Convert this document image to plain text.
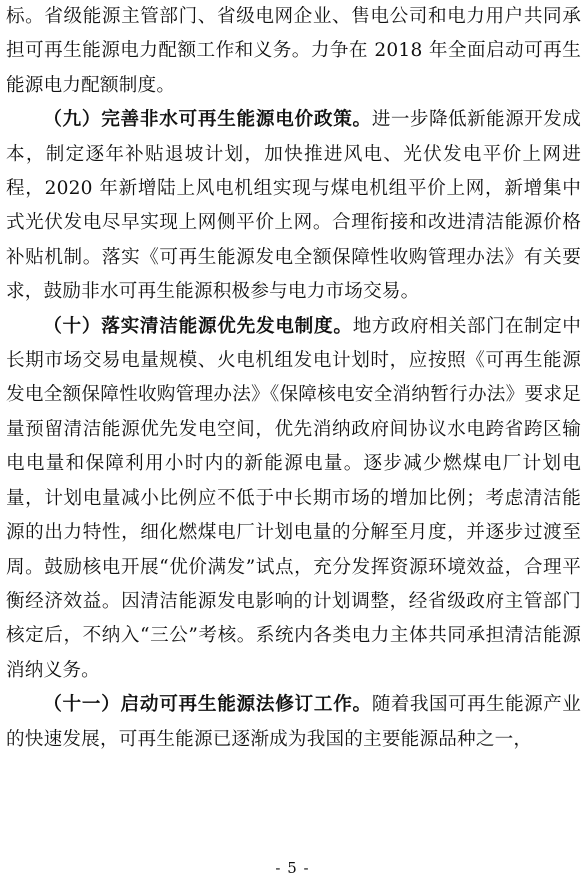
标。省级能源主管部门、省级电网企业、售电公司和电力用户共同承担可再生能源电力配额工作和义务。力争在 2018 年全面启动可再生能源电力配额制度。

（九）完善非水可再生能源电价政策。进一步降低新能源开发成本，制定逐年补贴退坡计划，加快推进风电、光伏发电平价上网进程，2020 年新增陆上风电机组实现与煤电机组平价上网，新增集中式光伏发电尽早实现上网侧平价上网。合理衔接和改进清洁能源价格补贴机制。落实《可再生能源发电全额保障性收购管理办法》有关要求，鼓励非水可再生能源积极参与电力市场交易。

（十）落实清洁能源优先发电制度。地方政府相关部门在制定中长期市场交易电量规模、火电机组发电计划时，应按照《可再生能源发电全额保障性收购管理办法》《保障核电安全消纳暂行办法》要求足量预留清洁能源优先发电空间，优先消纳政府间协议水电跨省跨区输电电量和保障利用小时内的新能源电量。逐步减少燃煤电厂计划电量，计划电量减小比例应不低于中长期市场的增加比例；考虑清洁能源的出力特性，细化燃煤电厂计划电量的分解至月度，并逐步过渡至周。鼓励核电开展“优价满发”试点，充分发挥资源环境效益，合理平衡经济效益。因清洁能源发电影响的计划调整，经省级政府主管部门核定后，不纳入“三公”考核。系统内各类电力主体共同承担清洁能源消纳义务。

（十一）启动可再生能源法修订工作。随着我国可再生能源产业的快速发展，可再生能源已逐渐成为我国的主要能源品种之一，

- 5 -
